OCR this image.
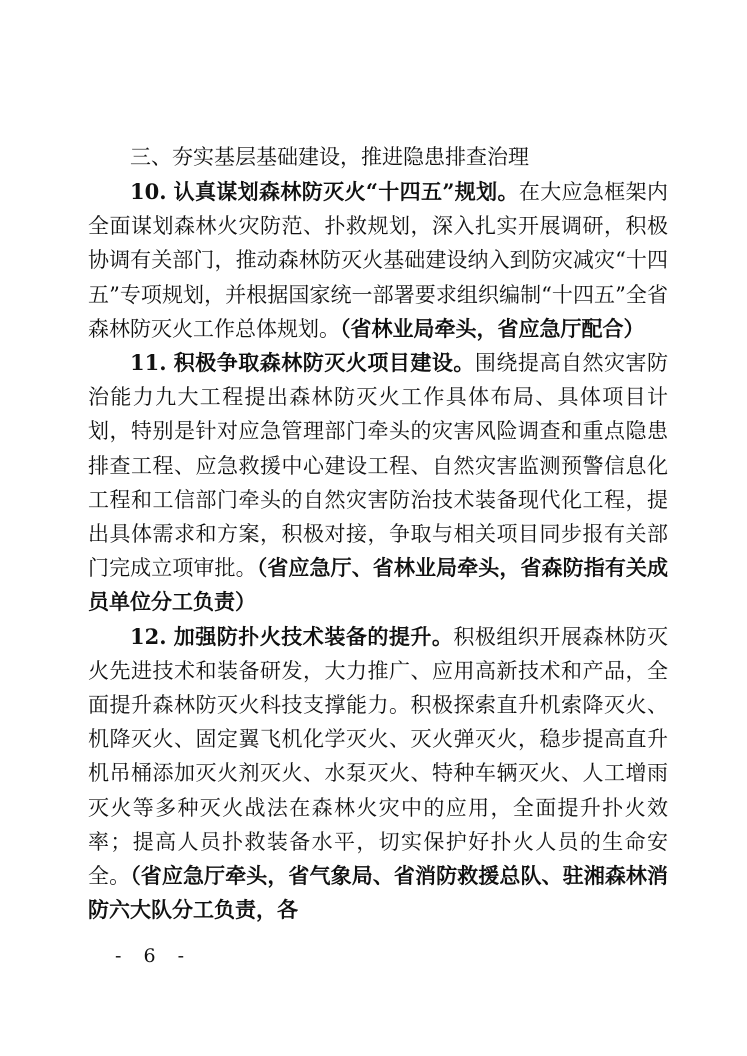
三、夯实基层基础建设，推进隐患排查治理

10. 认真谋划森林防灭火“十四五”规划。在大应急框架内全面谋划森林火灾防范、扑救规划，深入扎实开展调研，积极协调有关部门，推动森林防灭火基础建设纳入到防灾减灾“十四五”专项规划，并根据国家统一部署要求组织编制“十四五”全省森林防灭火工作总体规划。（省林业局牵头，省应急厅配合）

11. 积极争取森林防灭火项目建设。围绕提高自然灾害防治能力九大工程提出森林防灭火工作具体布局、具体项目计划，特别是针对应急管理部门牵头的灾害风险调查和重点隐患排查工程、应急救援中心建设工程、自然灾害监测预警信息化工程和工信部门牵头的自然灾害防治技术装备现代化工程，提出具体需求和方案，积极对接，争取与相关项目同步报有关部门完成立项审批。（省应急厅、省林业局牵头，省森防指有关成员单位分工负责）

12. 加强防扑火技术装备的提升。积极组织开展森林防灭火先进技术和装备研发，大力推广、应用高新技术和产品，全面提升森林防灭火科技支撑能力。积极探索直升机索降灭火、机降灭火、固定翼飞机化学灭火、灭火弹灭火，稳步提高直升机吊桶添加灭火剂灭火、水泵灭火、特种车辆灭火、人工增雨灭火等多种灭火战法在森林火灾中的应用，全面提升扑火效率；提高人员扑救装备水平，切实保护好扑火人员的生命安全。（省应急厅牵头，省气象局、省消防救援总队、驻湘森林消防六大队分工负责，各

- 6 -
